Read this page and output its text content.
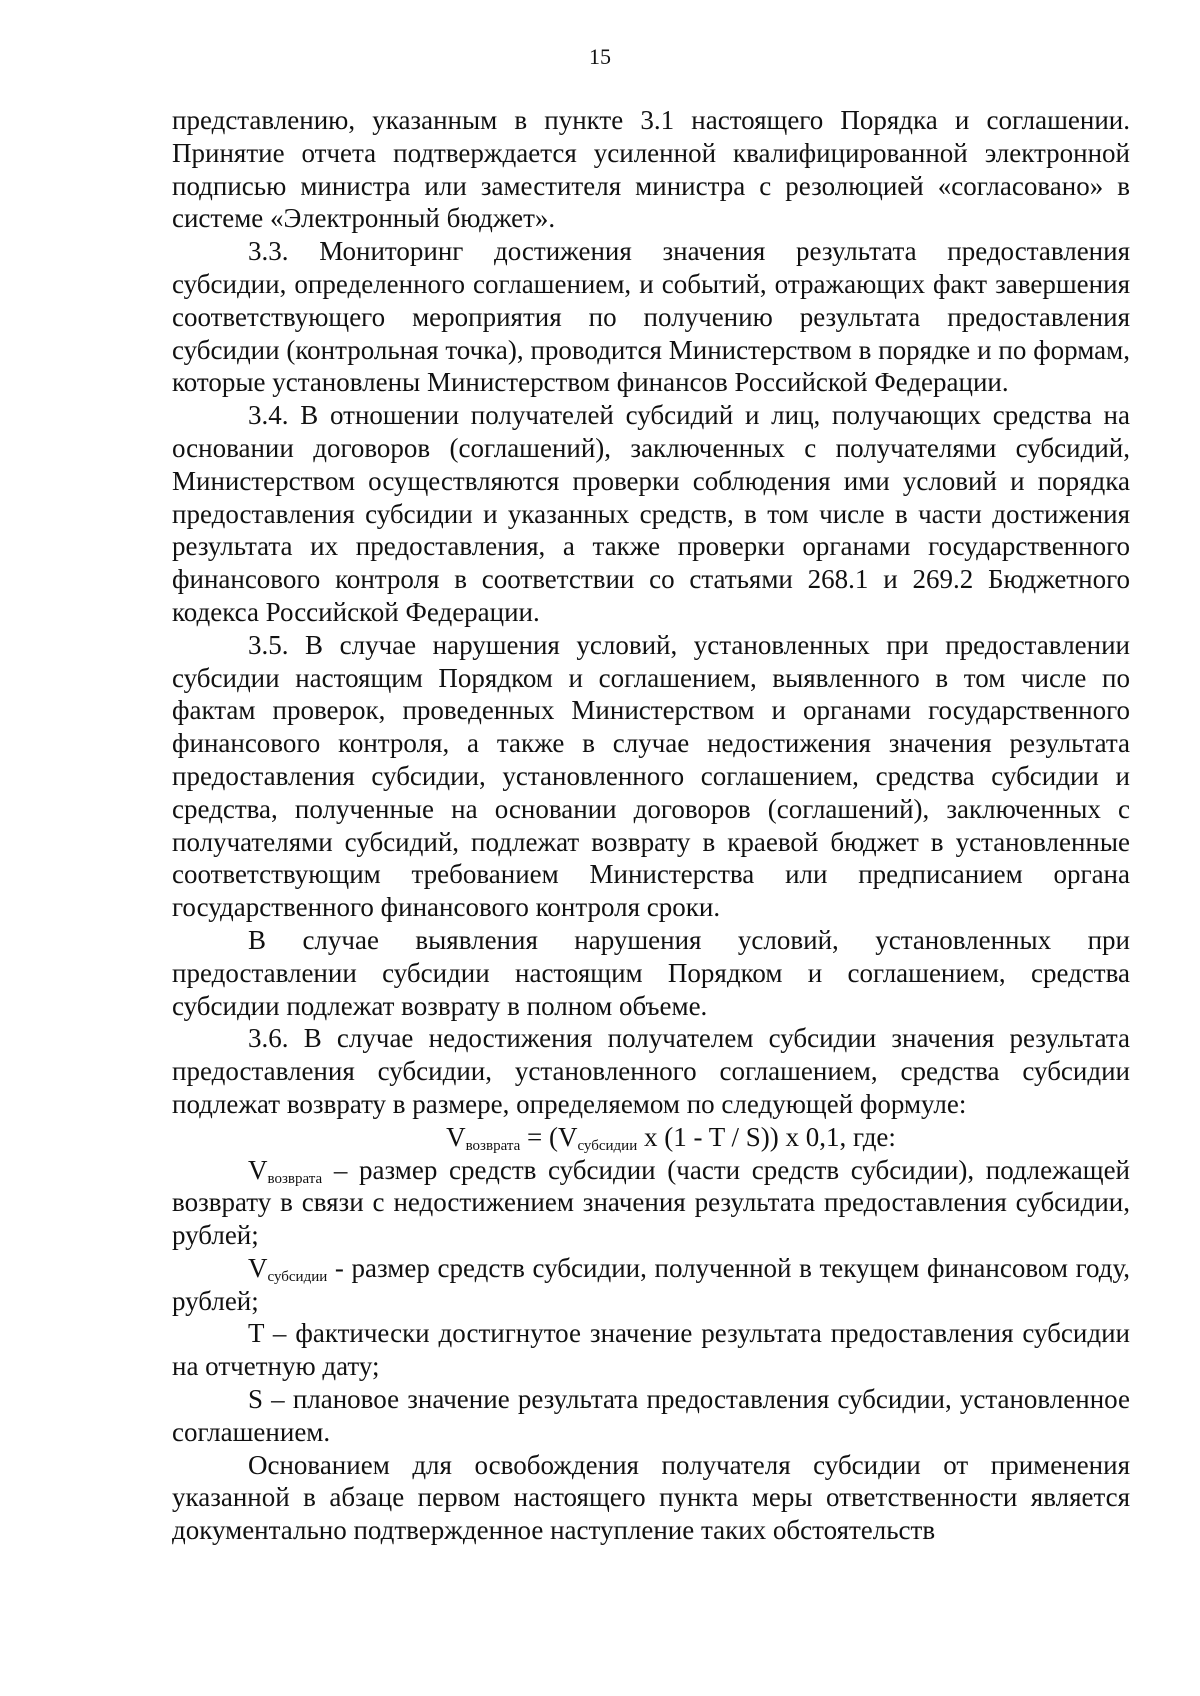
15

представлению, указанным в пункте 3.1 настоящего Порядка и соглашении. Принятие отчета подтверждается усиленной квалифицированной электронной подписью министра или заместителя министра с резолюцией «согласовано» в системе «Электронный бюджет».

3.3. Мониторинг достижения значения результата предоставления субсидии, определенного соглашением, и событий, отражающих факт завершения соответствующего мероприятия по получению результата предоставления субсидии (контрольная точка), проводится Министерством в порядке и по формам, которые установлены Министерством финансов Российской Федерации.

3.4. В отношении получателей субсидий и лиц, получающих средства на основании договоров (соглашений), заключенных с получателями субсидий, Министерством осуществляются проверки соблюдения ими условий и порядка предоставления субсидии и указанных средств, в том числе в части достижения результата их предоставления, а также проверки органами государственного финансового контроля в соответствии со статьями 268.1 и 269.2 Бюджетного кодекса Российской Федерации.

3.5. В случае нарушения условий, установленных при предоставлении субсидии настоящим Порядком и соглашением, выявленного в том числе по фактам проверок, проведенных Министерством и органами государственного финансового контроля, а также в случае недостижения значения результата предоставления субсидии, установленного соглашением, средства субсидии и средства, полученные на основании договоров (соглашений), заключенных с получателями субсидий, подлежат возврату в краевой бюджет в установленные соответствующим требованием Министерства или предписанием органа государственного финансового контроля сроки.

В случае выявления нарушения условий, установленных при предоставлении субсидии настоящим Порядком и соглашением, средства субсидии подлежат возврату в полном объеме.

3.6. В случае недостижения получателем субсидии значения результата предоставления субсидии, установленного соглашением, средства субсидии подлежат возврату в размере, определяемом по следующей формуле:

$V_{возврата} = (V_{субсидии}$ x (1 - T / S)) x 0,1, где:

$V_{возврата}$ – размер средств субсидии (части средств субсидии), подлежащей возврату в связи с недостижением значения результата предоставления субсидии, рублей;

$V_{субсидии}$ - размер средств субсидии, полученной в текущем финансовом году, рублей;

T – фактически достигнутое значение результата предоставления субсидии на отчетную дату;

S – плановое значение результата предоставления субсидии, установленное соглашением.

Основанием для освобождения получателя субсидии от применения указанной в абзаце первом настоящего пункта меры ответственности является документально подтвержденное наступление таких обстоятельств
